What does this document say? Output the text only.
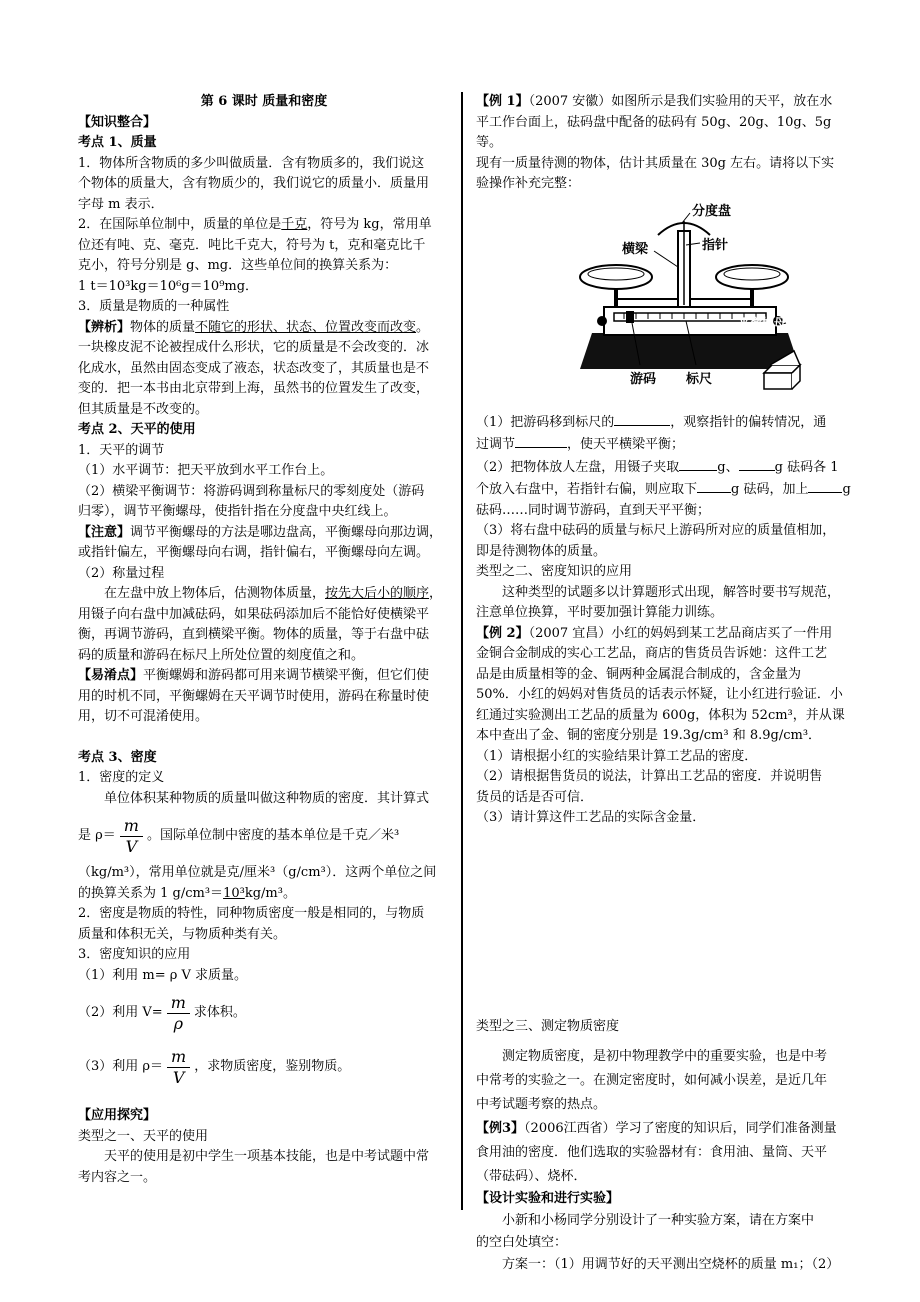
第 6 课时 质量和密度

【知识整合】

考点 1、质量

1．物体所含物质的多少叫做质量．含有物质多的，我们说这

个物体的质量大，含有物质少的，我们说它的质量小．质量用

字母 m 表示．

2．在国际单位制中，质量的单位是千克，符号为 kg，常用单

位还有吨、克、毫克．吨比千克大，符号为 t，克和毫克比千

克小，符号分别是 g、mg．这些单位间的换算关系为：

1 t＝10³kg＝10⁶g＝10⁹mg．

3．质量是物质的一种属性

【辨析】物体的质量不随它的形状、状态、位置改变而改变。

一块橡皮泥不论被捏成什么形状，它的质量是不会改变的．冰

化成水，虽然由固态变成了液态，状态改变了，其质量也是不

变的．把一本书由北京带到上海，虽然书的位置发生了改变，

但其质量是不改变的。

考点 2、天平的使用

1．天平的调节

（1）水平调节：把天平放到水平工作台上。

（2）横梁平衡调节：将游码调到称量标尺的零刻度处（游码

归零），调节平衡螺母，使指针指在分度盘中央红线上。

【注意】调节平衡螺母的方法是哪边盘高，平衡螺母向那边调，

或指针偏左，平衡螺母向右调，指针偏右，平衡螺母向左调。

（2）称量过程

在左盘中放上物体后，估测物体质量，按先大后小的顺序，

用镊子向右盘中加减砝码，如果砝码添加后不能恰好使横梁平

衡，再调节游码，直到横梁平衡。物体的质量，等于右盘中砝

码的质量和游码在标尺上所处位置的刻度值之和。

【易淆点】平衡螺姆和游码都可用来调节横梁平衡，但它们使

用的时机不同，平衡螺姆在天平调节时使用，游码在称量时使

用，切不可混淆使用。

考点 3、密度

1．密度的定义

单位体积某种物质的质量叫做这种物质的密度．其计算式

是 $\rho= \frac{m}{V}$ 。国际单位制中密度的基本单位是千克／米³

（kg/m³），常用单位就是克/厘米³（g/cm³）．这两个单位之间

的换算关系为 1 g/cm³＝10³kg/m³。

2．密度是物质的特性，同种物质密度一般是相同的，与物质

质量和体积无关，与物质种类有关。

3．密度知识的应用

（1）利用 m= ρ V 求质量。

（2）利用 $V= \frac{m}{\rho}$ 求体积。
（3）利用 $\rho= \frac{m}{V}$ ，求物质密度，鉴别物质。

【应用探究】

类型之一、天平的使用

天平的使用是初中学生一项基本技能，也是中考试题中常

考内容之一。

【例 1】（2007 安徽）如图所示是我们实验用的天平，放在水

平工作台面上，砝码盘中配备的砝码有 50g、20g、10g、5g 等。

现有一质量待测的物体，估计其质量在 30g 左右。请将以下实

验操作补充完整：

分度盘
横梁	指针
平衡螺母
游码 标尺

（1）把游码移到标尺的	，观察指针的偏转情况，通

过调节	，使天平横梁平衡；

（2）把物体放人左盘，用镊子夹取	g、	g 砝码各 1

个放入右盘中，若指针右偏，则应取下	g 砝码，加上	g

砝码……同时调节游码，直到天平平衡；

（3）将右盘中砝码的质量与标尺上游码所对应的质量值相加，

即是待测物体的质量。

类型之二、密度知识的应用

这种类型的试题多以计算题形式出现，解答时要书写规范，

注意单位换算，平时要加强计算能力训练。

【例 2】（2007 宜昌）小红的妈妈到某工艺品商店买了一件用

金铜合金制成的实心工艺品，商店的售货员告诉她：这件工艺

品是由质量相等的金、铜两种金属混合制成的，含金量为

50%．小红的妈妈对售货员的话表示怀疑，让小红进行验证．小

红通过实验测出工艺品的质量为 600g，体积为 52cm³，并从课

本中查出了金、铜的密度分别是 19.3g/cm³ 和 8.9g/cm³．

（1）请根据小红的实验结果计算工艺品的密度．

（2）请根据售货员的说法，计算出工艺品的密度．并说明售

货员的话是否可信．

（3）请计算这件工艺品的实际含金量．

类型之三、测定物质密度

测定物质密度，是初中物理教学中的重要实验，也是中考

中常考的实验之一。在测定密度时，如何减小误差，是近几年

中考试题考察的热点。

【例3】（2006江西省）学习了密度的知识后，同学们准备测量

食用油的密度．他们选取的实验器材有：食用油、量筒、天平

（带砝码）、烧杯．

【设计实验和进行实验】

小新和小杨同学分别设计了一种实验方案，请在方案中

的空白处填空：

方案一：（1）用调节好的天平测出空烧杯的质量 m₁；（2）
